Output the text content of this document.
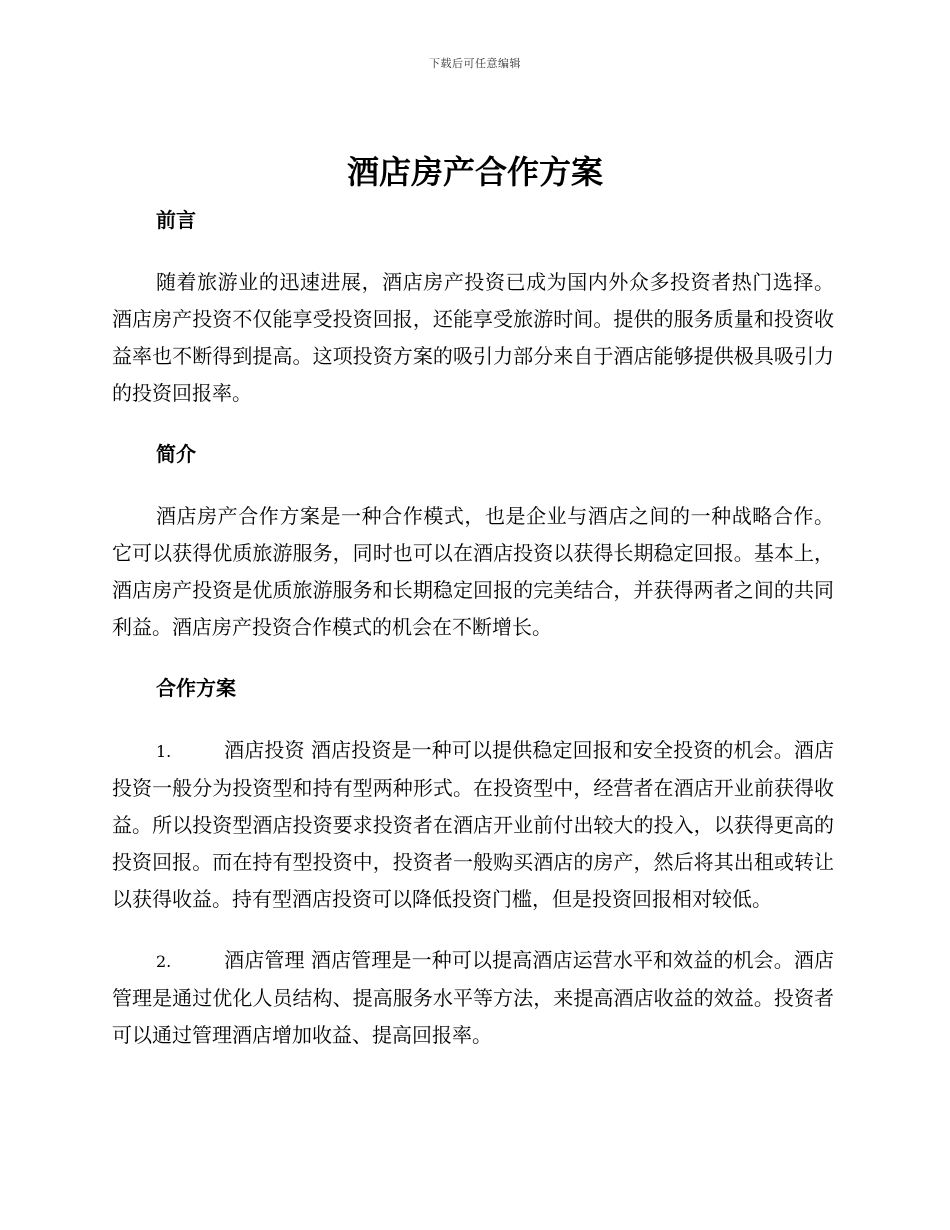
下载后可任意编辑
酒店房产合作方案
前言

随着旅游业的迅速进展，酒店房产投资已成为国内外众多投资者热门选择。酒店房产投资不仅能享受投资回报，还能享受旅游时间。提供的服务质量和投资收益率也不断得到提高。这项投资方案的吸引力部分来自于酒店能够提供极具吸引力的投资回报率。

简介

酒店房产合作方案是一种合作模式，也是企业与酒店之间的一种战略合作。它可以获得优质旅游服务，同时也可以在酒店投资以获得长期稳定回报。基本上，酒店房产投资是优质旅游服务和长期稳定回报的完美结合，并获得两者之间的共同利益。酒店房产投资合作模式的机会在不断增长。

合作方案

1.	酒店投资 酒店投资是一种可以提供稳定回报和安全投资的机会。酒店投资一般分为投资型和持有型两种形式。在投资型中，经营者在酒店开业前获得收益。所以投资型酒店投资要求投资者在酒店开业前付出较大的投入，以获得更高的投资回报。而在持有型投资中，投资者一般购买酒店的房产，然后将其出租或转让以获得收益。持有型酒店投资可以降低投资门槛，但是投资回报相对较低。

2.	酒店管理 酒店管理是一种可以提高酒店运营水平和效益的机会。酒店管理是通过优化人员结构、提高服务水平等方法，来提高酒店收益的效益。投资者可以通过管理酒店增加收益、提高回报率。
